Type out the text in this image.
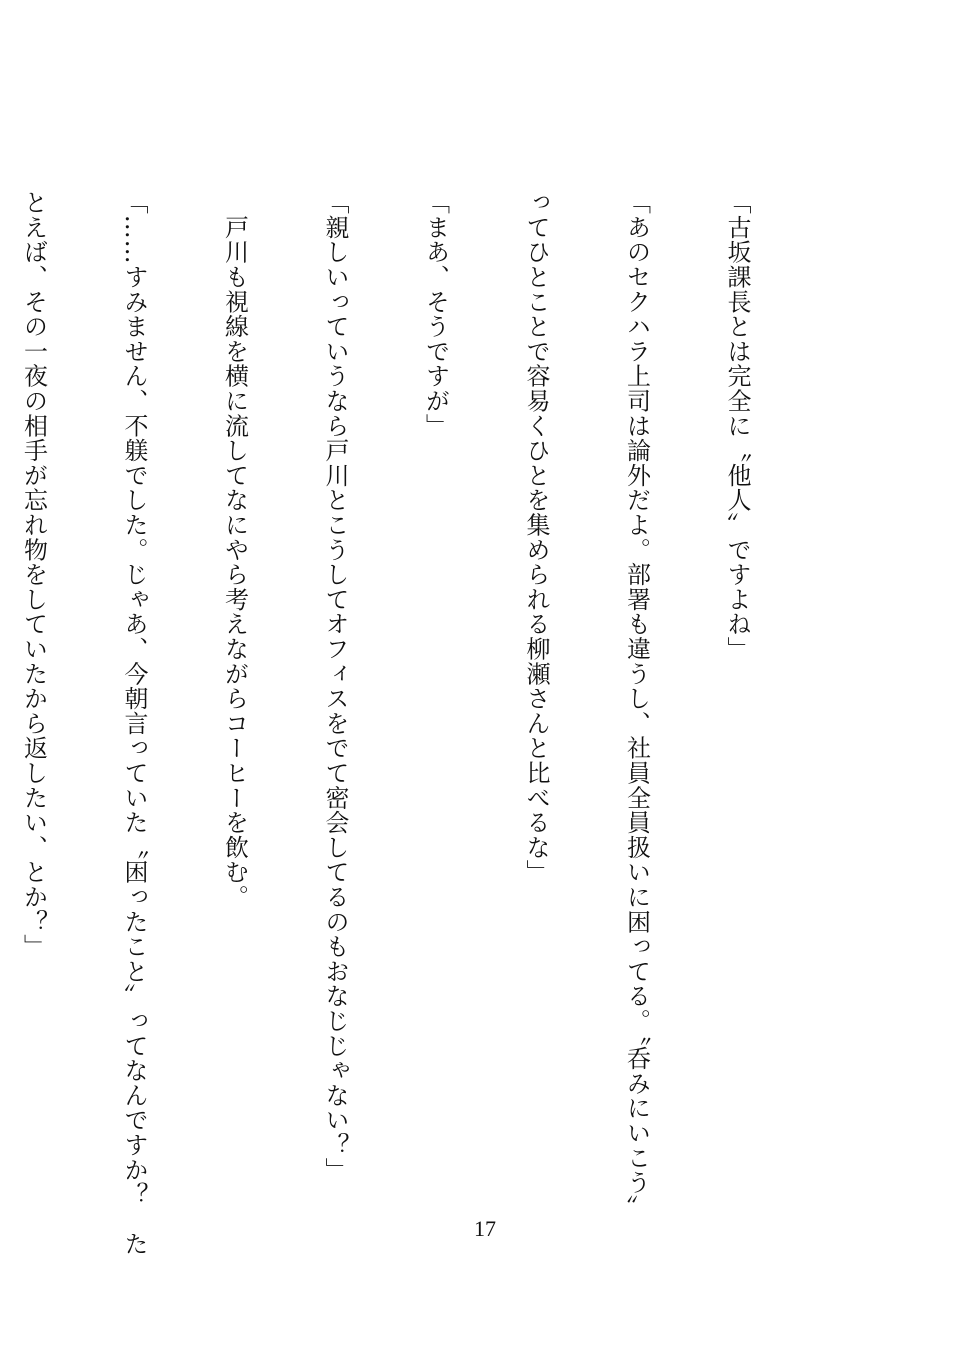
「古坂課長とは完全に〝他人〟ですよね」

「あのセクハラ上司は論外だよ。部署も違うし、社員全員扱いに困ってる。〝呑みにいこう〟

ってひとことで容易くひとを集められる柳瀬さんと比べるな」

「まあ、そうですが」

「親しいっていうなら戸川とこうしてオフィスをでて密会してるのもおなじじゃない？」

　戸川も視線を横に流してなにやら考えながらコーヒーを飲む。

「……すみません、不躾でした。じゃあ、今朝言っていた〝困ったこと〟ってなんですか？　た

とえば、その一夜の相手が忘れ物をしていたから返したい、とか？」

17
